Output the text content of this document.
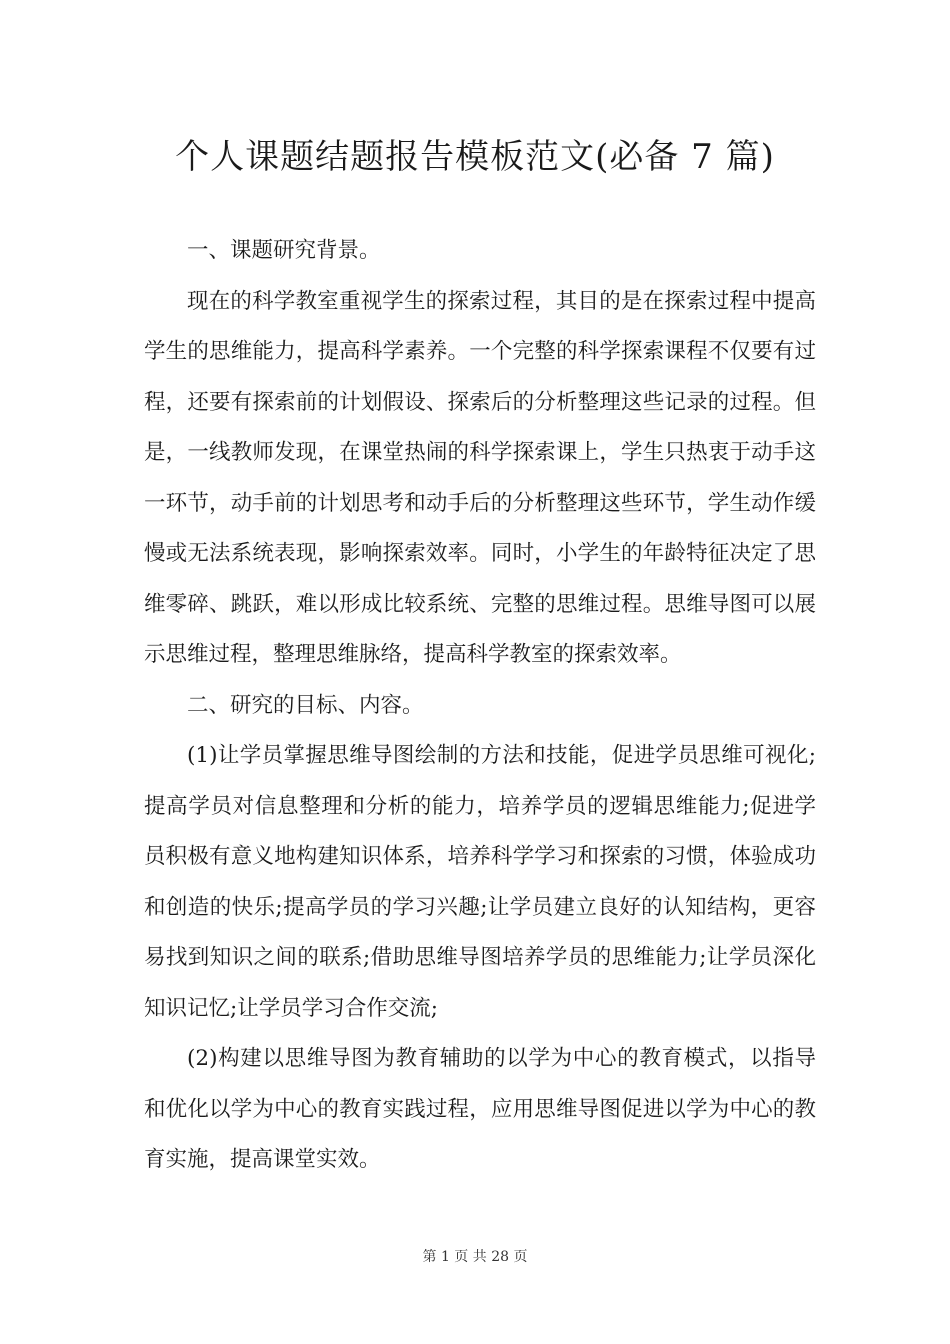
个人课题结题报告模板范文(必备 7 篇)

一、课题研究背景。

现在的科学教室重视学生的探索过程，其目的是在探索过程中提高学生的思维能力，提高科学素养。一个完整的科学探索课程不仅要有过程，还要有探索前的计划假设、探索后的分析整理这些记录的过程。但是，一线教师发现，在课堂热闹的科学探索课上，学生只热衷于动手这一环节，动手前的计划思考和动手后的分析整理这些环节，学生动作缓慢或无法系统表现，影响探索效率。同时，小学生的年龄特征决定了思维零碎、跳跃，难以形成比较系统、完整的思维过程。思维导图可以展示思维过程，整理思维脉络，提高科学教室的探索效率。

二、研究的目标、内容。

(1)让学员掌握思维导图绘制的方法和技能，促进学员思维可视化;提高学员对信息整理和分析的能力，培养学员的逻辑思维能力;促进学员积极有意义地构建知识体系，培养科学学习和探索的习惯，体验成功和创造的快乐;提高学员的学习兴趣;让学员建立良好的认知结构，更容易找到知识之间的联系;借助思维导图培养学员的思维能力;让学员深化知识记忆;让学员学习合作交流;

(2)构建以思维导图为教育辅助的以学为中心的教育模式，以指导和优化以学为中心的教育实践过程，应用思维导图促进以学为中心的教育实施，提高课堂实效。

第 1 页 共 28 页
